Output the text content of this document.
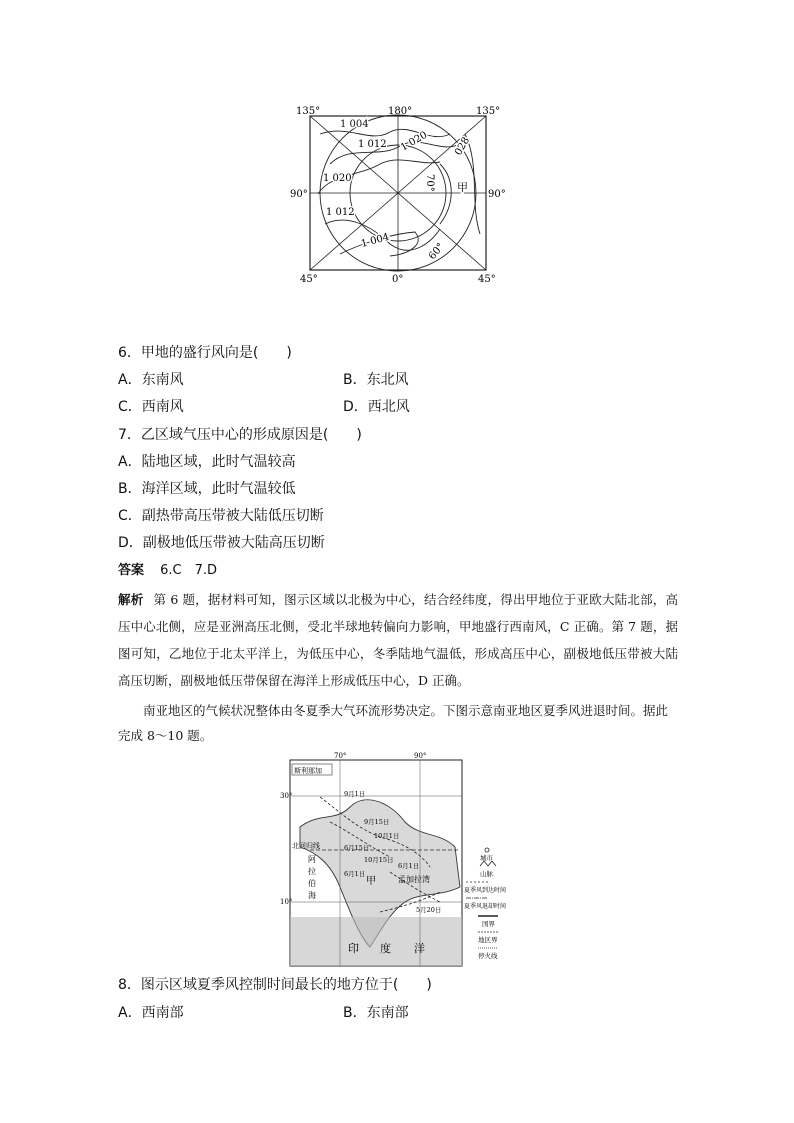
135°	180°	135°
90°	90°
45°	0°	45°
1 004
1 012 1 020 028
1 020
1 012
1 004
70°
60°
甲
6．甲地的盛行风向是(　　)
A．东南风	B．东北风
C．西南风	D．西北风
7．乙区域气压中心的形成原因是(　　)
A．陆地区域，此时气温较高
B．海洋区域，此时气温较低
C．副热带高压带被大陆低压切断
D．副极地低压带被大陆高压切断
答案 6.C　7.D
解析 第 6 题，据材料可知，图示区域以北极为中心，结合经纬度，得出甲地位于亚欧大陆北部，高压中心北侧，应是亚洲高压北侧，受北半球地转偏向力影响，甲地盛行西南风，C 正确。第 7 题，据图可知，乙地位于北太平洋上，为低压中心，冬季陆地气温低，形成高压中心，副极地低压带被大陆高压切断，副极地低压带保留在海洋上形成低压中心，D 正确。
南亚地区的气候状况整体由冬夏季大气环流形势决定。下图示意南亚地区夏季风进退时间。据此完成 8～10 题。
70°	90°
30°
10°
斯利那加
北回归线
阿
拉
伯
海
甲	孟加拉湾
印 度 洋
9月1日
9月15日
10月1日
10月15日
6月1日
6月15日
6月1日
5月20日
城市
山脉
夏季风到达时间
夏季风退却时间
国界
地区界
停火线
8．图示区域夏季风控制时间最长的地方位于(　　)
A．西南部	B．东南部
